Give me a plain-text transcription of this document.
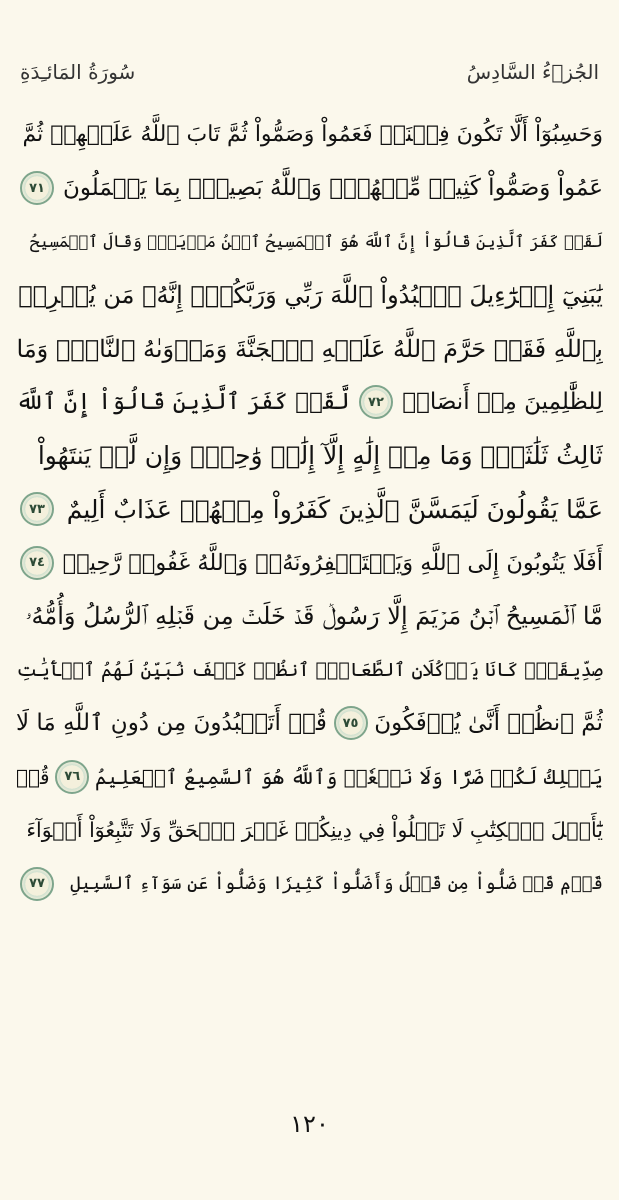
الجُزۡءُ السَّادِسُ
سُورَةُ المَائـِدَةِ
وَحَسِبُوٓاْ أَلَّا تَكُونَ فِتۡنَةٞ فَعَمُواْ وَصَمُّواْ ثُمَّ تَابَ ٱللَّهُ عَلَيۡهِمۡ ثُمَّ
عَمُواْ وَصَمُّواْ كَثِيرٞ مِّنۡهُمۡۚ وَٱللَّهُ بَصِيرُۢ بِمَا يَعۡمَلُونَ
٧١
لَقَدۡ كَفَرَ ٱلَّذِينَ قَالُوٓاْ إِنَّ ٱللَّهَ هُوَ ٱلۡمَسِيحُ ٱبۡنُ مَرۡيَمَۖ وَقَالَ ٱلۡمَسِيحُ
يَٰبَنِيٓ إِسۡرَٰٓءِيلَ ٱعۡبُدُواْ ٱللَّهَ رَبِّي وَرَبَّكُمۡۖ إِنَّهُۥ مَن يُشۡرِكۡ
بِٱللَّهِ فَقَدۡ حَرَّمَ ٱللَّهُ عَلَيۡهِ ٱلۡجَنَّةَ وَمَأۡوَىٰهُ ٱلنَّارُۖ وَمَا
لِلظَّٰلِمِينَ مِنۡ أَنصَارٖ
٧٢
لَّقَدۡ كَفَرَ ٱلَّذِينَ قَالُوٓاْ إِنَّ ٱللَّهَ
ثَالِثُ ثَلَٰثَةٖۘ وَمَا مِنۡ إِلَٰهٍ إِلَّآ إِلَٰهٞ وَٰحِدٞۚ وَإِن لَّمۡ يَنتَهُواْ
عَمَّا يَقُولُونَ لَيَمَسَّنَّ ٱلَّذِينَ كَفَرُواْ مِنۡهُمۡ عَذَابٌ أَلِيمٌ
٧٣
أَفَلَا يَتُوبُونَ إِلَى ٱللَّهِ وَيَسۡتَغۡفِرُونَهُۥۚ وَٱللَّهُ غَفُورٞ رَّحِيمٞ
٧٤
مَّا ٱلۡمَسِيحُ ٱبۡنُ مَرۡيَمَ إِلَّا رَسُولٞ قَدۡ خَلَتۡ مِن قَبۡلِهِ ٱلرُّسُلُ وَأُمُّهُۥ
صِدِّيقَةٞۖ كَانَا يَأۡكُلَانِ ٱلطَّعَامَۗ ٱنظُرۡ كَيۡفَ نُبَيِّنُ لَهُمُ ٱلۡأٓيَٰتِ
ثُمَّ ٱنظُرۡ أَنَّىٰ يُؤۡفَكُونَ
٧٥
قُلۡ أَتَعۡبُدُونَ مِن دُونِ ٱللَّهِ مَا لَا
يَمۡلِكُ لَكُمۡ ضَرّٗا وَلَا نَفۡعٗاۚ وَٱللَّهُ هُوَ ٱلسَّمِيعُ ٱلۡعَلِيمُ
٧٦
قُلۡ
يَٰٓأَهۡلَ ٱلۡكِتَٰبِ لَا تَغۡلُواْ فِي دِينِكُمۡ غَيۡرَ ٱلۡحَقِّ وَلَا تَتَّبِعُوٓاْ أَهۡوَآءَ
قَوۡمٖ قَدۡ ضَلُّواْ مِن قَبۡلُ وَأَضَلُّواْ كَثِيرٗا وَضَلُّواْ عَن سَوَآءِ ٱلسَّبِيلِ
٧٧
١٢٠
